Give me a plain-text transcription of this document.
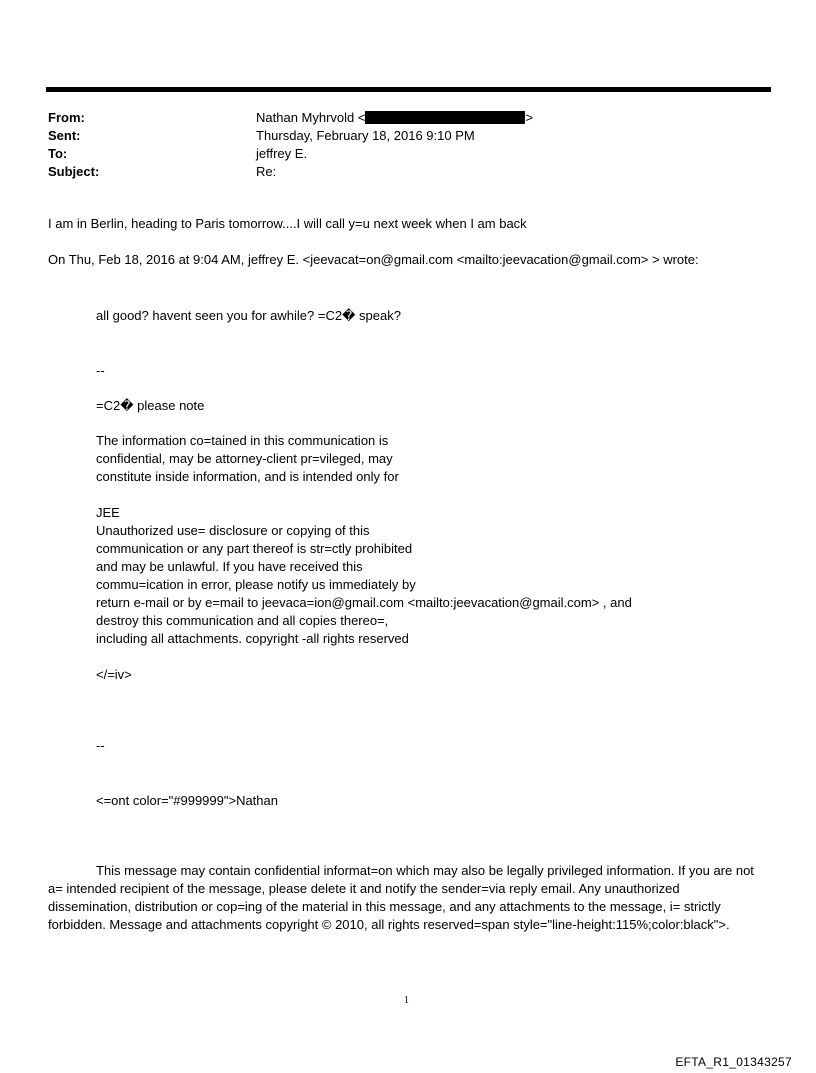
From:	Nathan Myhrvold <	>
Sent:	Thursday, February 18, 2016 9:10 PM
To:	jeffrey E.
Subject:	Re:
I am in Berlin, heading to Paris tomorrow....I will call y=u next week when I am back
On Thu, Feb 18, 2016 at 9:04 AM, jeffrey E. <jeevacat=on@gmail.com <mailto:jeevacation@gmail.com> > wrote:
all good? havent seen you for awhile? =C2� speak?
--
=C2� please note
The information co=tained in this communication is
confidential, may be attorney-client pr=vileged, may
constitute inside information, and is intended only for
JEE
Unauthorized use= disclosure or copying of this
communication or any part thereof is str=ctly prohibited
and may be unlawful. If you have received this
commu=ication in error, please notify us immediately by
return e-mail or by e=mail to jeevaca=ion@gmail.com <mailto:jeevacation@gmail.com> , and
destroy this communication and all copies thereo=,
including all attachments. copyright -all rights reserved
</=iv>
--
<=ont color="#999999">Nathan
This message may contain confidential informat=on which may also be legally privileged information. If you are not a= intended recipient of the message, please delete it and notify the sender=via reply email. Any unauthorized dissemination, distribution or cop=ing of the material in this message, and any attachments to the message, i= strictly forbidden. Message and attachments copyright © 2010, all rights reserved=span style="line-height:115%;color:black">.
1
EFTA_R1_01343257
